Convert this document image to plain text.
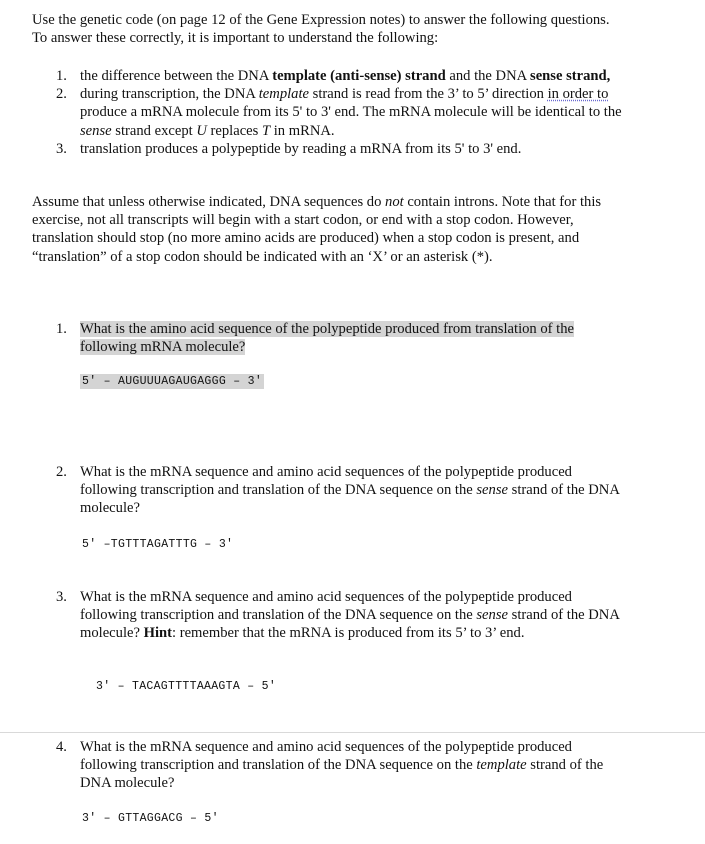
Use the genetic code (on page 12 of the Gene Expression notes) to answer the following questions. To answer these correctly, it is important to understand the following:

1. the difference between the DNA template (anti-sense) strand and the DNA sense strand,
2. during transcription, the DNA template strand is read from the 3’ to 5’ direction in order to produce a mRNA molecule from its 5' to 3' end. The mRNA molecule will be identical to the sense strand except U replaces T in mRNA.
3. translation produces a polypeptide by reading a mRNA from its 5' to 3' end.

Assume that unless otherwise indicated, DNA sequences do not contain introns. Note that for this exercise, not all transcripts will begin with a start codon, or end with a stop codon. However, translation should stop (no more amino acids are produced) when a stop codon is present, and “translation” of a stop codon should be indicated with an ‘X’ or an asterisk (*).

1. What is the amino acid sequence of the polypeptide produced from translation of the following mRNA molecule?
5' – AUGUUUAGAUGAGGG – 3'
2. What is the mRNA sequence and amino acid sequences of the polypeptide produced following transcription and translation of the DNA sequence on the sense strand of the DNA molecule?
5' –TGTTTAGATTTG – 3'
3. What is the mRNA sequence and amino acid sequences of the polypeptide produced following transcription and translation of the DNA sequence on the sense strand of the DNA molecule? Hint: remember that the mRNA is produced from its 5’ to 3’ end.
3' – TACAGTTTTAAAGTA – 5'
4. What is the mRNA sequence and amino acid sequences of the polypeptide produced following transcription and translation of the DNA sequence on the template strand of the DNA molecule?
3' – GTTAGGACG – 5'
